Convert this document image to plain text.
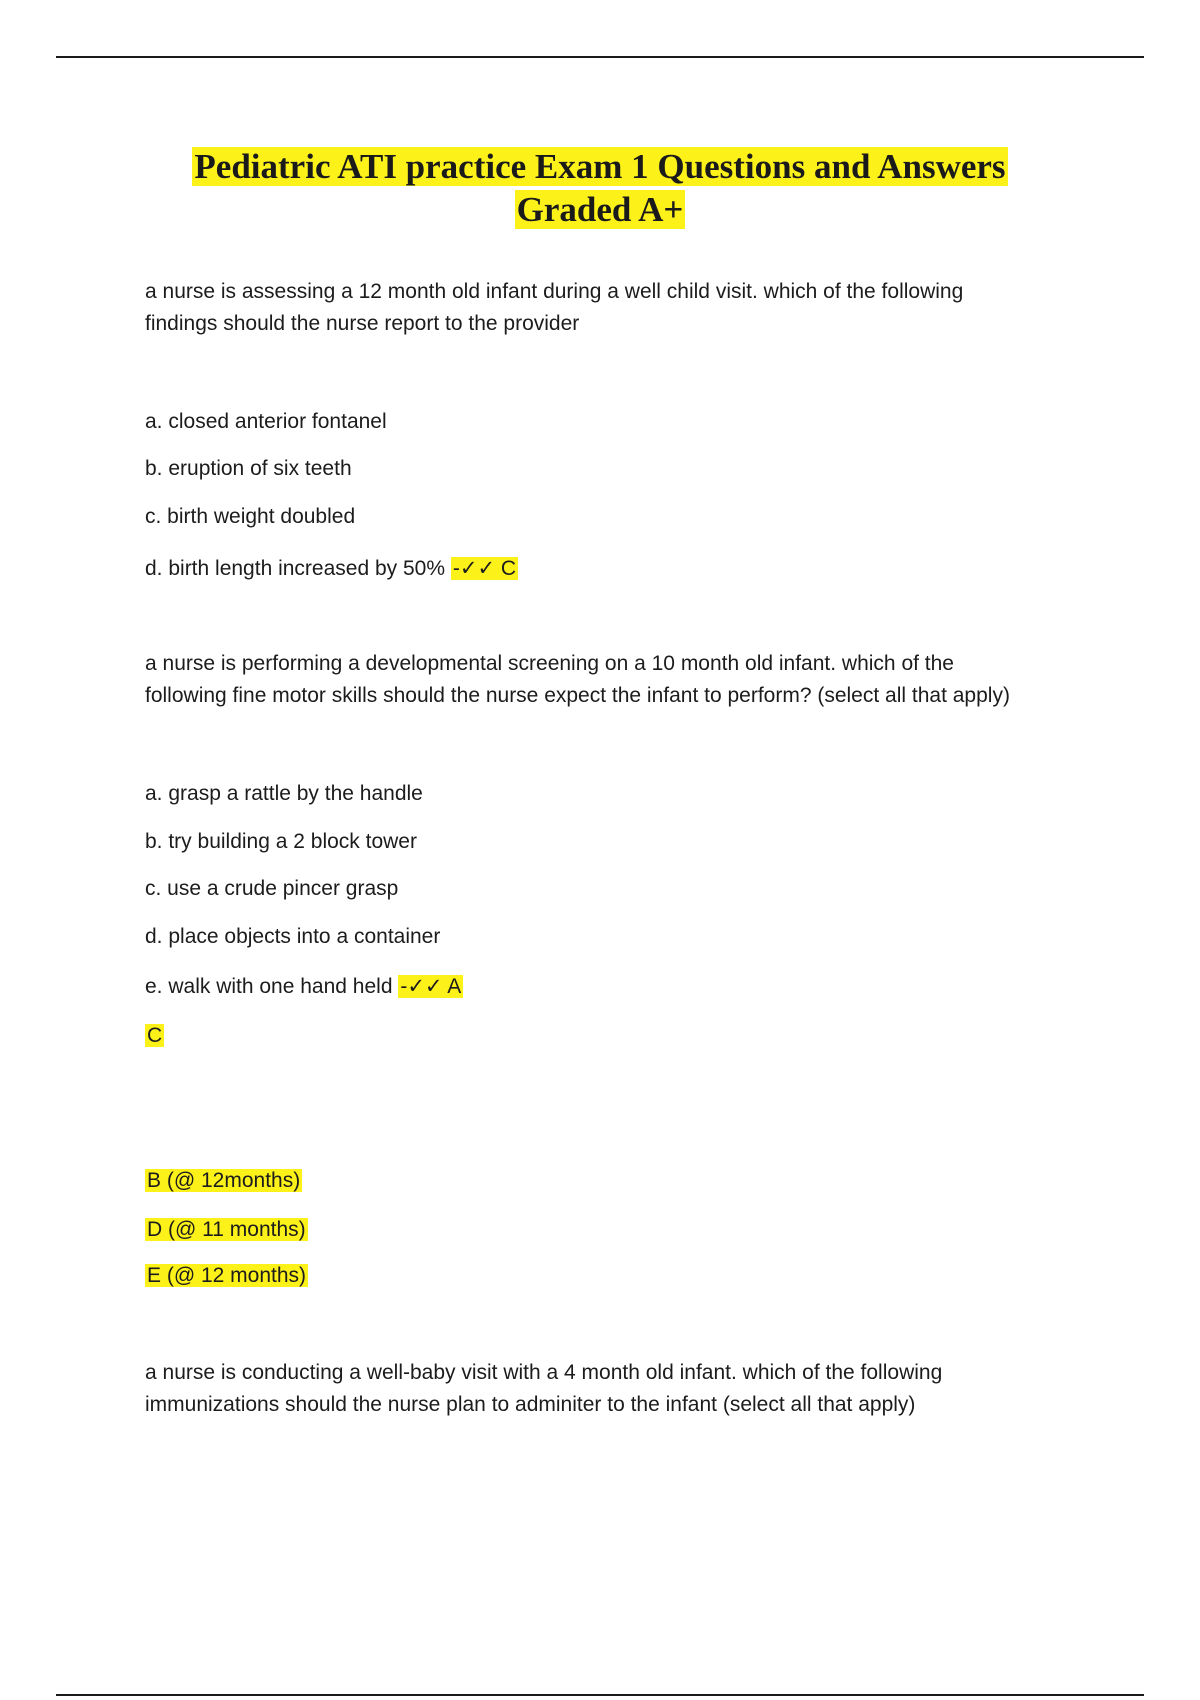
Pediatric ATI practice Exam 1 Questions and Answers
Graded A+

a nurse is assessing a 12 month old infant during a well child visit. which of the following

findings should the nurse report to the provider

a. closed anterior fontanel

b. eruption of six teeth

c. birth weight doubled

d. birth length increased by 50% -✓✓ C

a nurse is performing a developmental screening on a 10 month old infant. which of the

following fine motor skills should the nurse expect the infant to perform? (select all that apply)

a. grasp a rattle by the handle

b. try building a 2 block tower

c. use a crude pincer grasp

d. place objects into a container

e. walk with one hand held -✓✓ A

C

B (@ 12months)

D (@ 11 months)

E (@ 12 months)

a nurse is conducting a well-baby visit with a 4 month old infant. which of the following

immunizations should the nurse plan to adminiter to the infant (select all that apply)
